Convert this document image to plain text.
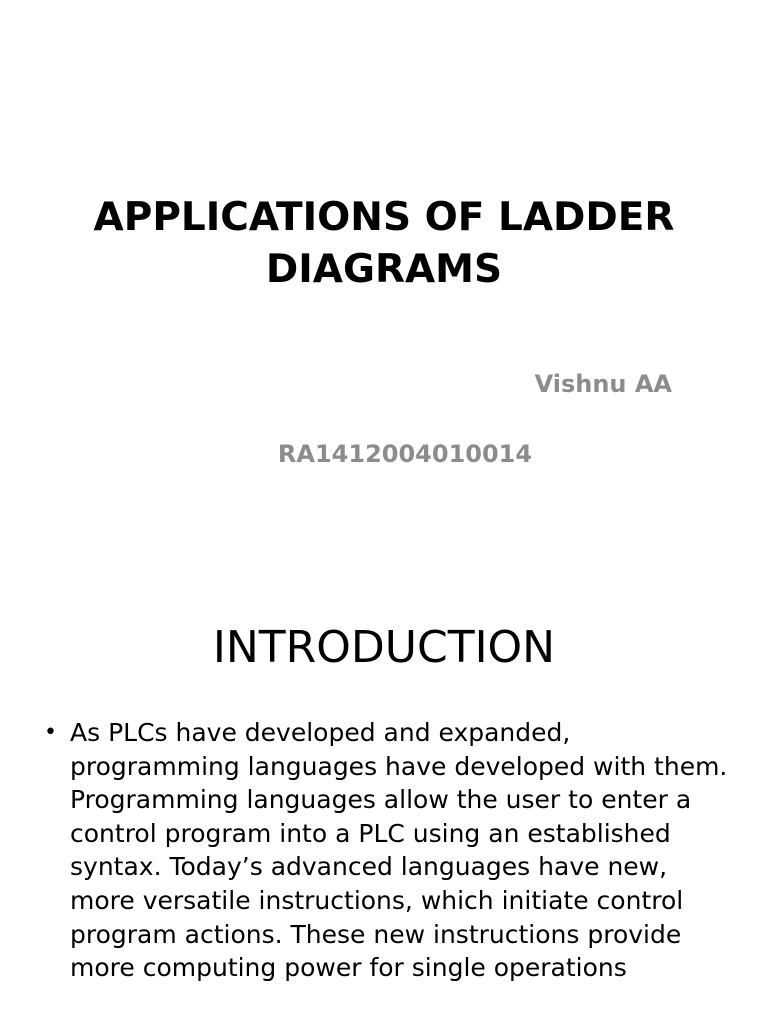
APPLICATIONS OF LADDER DIAGRAMS

Vishnu AA

RA1412004010014

INTRODUCTION
• As PLCs have developed and expanded, programming languages have developed with them. Programming languages allow the user to enter a control program into a PLC using an established syntax. Today’s advanced languages have new, more versatile instructions, which initiate control program actions. These new instructions provide more computing power for single operations
